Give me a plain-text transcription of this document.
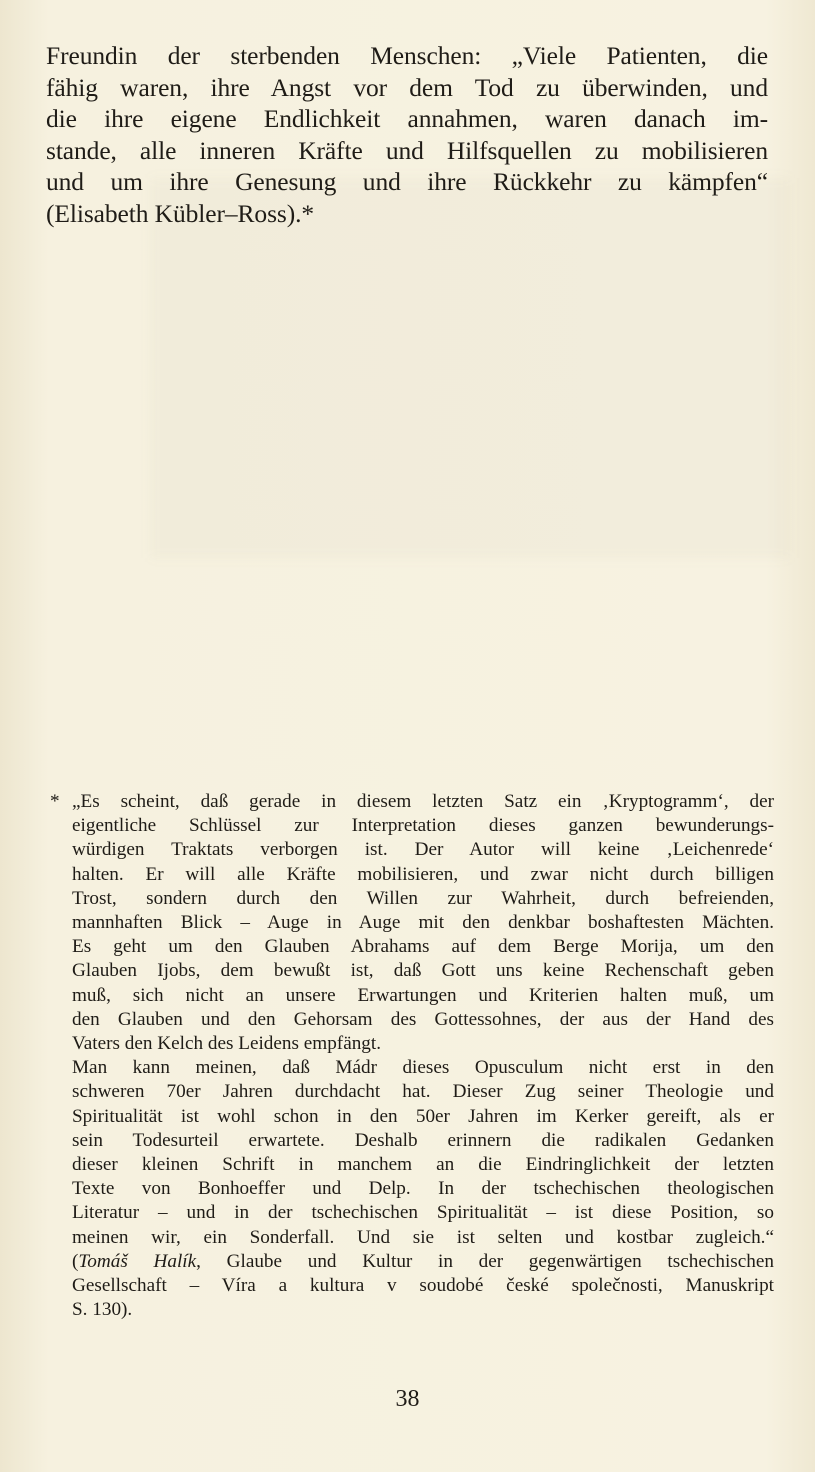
Freundin der sterbenden Menschen: „Viele Patienten, die
fähig waren, ihre Angst vor dem Tod zu überwinden, und
die ihre eigene Endlichkeit annahmen, waren danach im-
stande, alle inneren Kräfte und Hilfsquellen zu mobilisieren
und um ihre Genesung und ihre Rückkehr zu kämpfen“
(Elisabeth Kübler–Ross).*
* „Es scheint, daß gerade in diesem letzten Satz ein ‚Kryptogramm‘, der
eigentliche Schlüssel zur Interpretation dieses ganzen bewunderungs-
würdigen Traktats verborgen ist. Der Autor will keine ‚Leichenrede‘
halten. Er will alle Kräfte mobilisieren, und zwar nicht durch billigen
Trost, sondern durch den Willen zur Wahrheit, durch befreienden,
mannhaften Blick – Auge in Auge mit den denkbar boshaftesten Mächten.
Es geht um den Glauben Abrahams auf dem Berge Morija, um den
Glauben Ijobs, dem bewußt ist, daß Gott uns keine Rechenschaft geben
muß, sich nicht an unsere Erwartungen und Kriterien halten muß, um
den Glauben und den Gehorsam des Gottessohnes, der aus der Hand des
Vaters den Kelch des Leidens empfängt.
Man kann meinen, daß Mádr dieses Opusculum nicht erst in den
schweren 70er Jahren durchdacht hat. Dieser Zug seiner Theologie und
Spiritualität ist wohl schon in den 50er Jahren im Kerker gereift, als er
sein Todesurteil erwartete. Deshalb erinnern die radikalen Gedanken
dieser kleinen Schrift in manchem an die Eindringlichkeit der letzten
Texte von Bonhoeffer und Delp. In der tschechischen theologischen
Literatur – und in der tschechischen Spiritualität – ist diese Position, so
meinen wir, ein Sonderfall. Und sie ist selten und kostbar zugleich.“
(Tomáš Halík, Glaube und Kultur in der gegenwärtigen tschechischen
Gesellschaft – Víra a kultura v soudobé české společnosti, Manuskript
S. 130).
38
